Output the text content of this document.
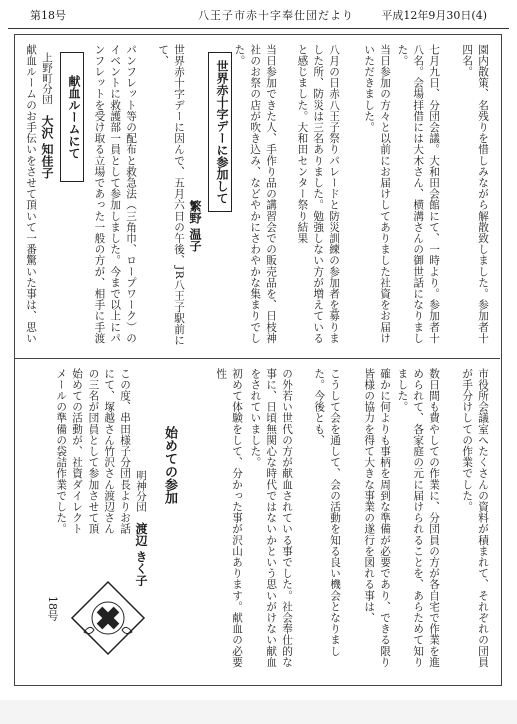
第18号	八王子市赤十字奉仕団だより 平成12年9月30日(4)
園内散策、名残りを惜しみながら解散致しました。参加者十四名。
七月九日、分団会議。大和田会館にて、一時より。参加者十八名。会場拝借には大木さん、横溝さんの御世話になりました。
当日参加の方々と以前にお届けしてありました社資をお届けいただきました。
八月の日赤八王子祭りパレードと防災訓練の参加者を募りました所、防災は三名ありました。勉強しない方が増えていると感じました。大和田センター祭り結果
当日参加できた人、手作り品の講習会での販売品を、日枝神社のお祭の店が吹き込み、などやかにさわやかな集まりでした。
世界赤十字デーに参加して
繁野 温子
世界赤十字デーに因んで、五月六日の午後、JR八王子駅前にて、
パンフレット等の配布と救急法（三角巾、ロープワーク）のイベントに救護部一員として参加しました。今まで以上にパンフレットを受け取る立場であった一般の方が、相手に手渡
献血ルームにて
上野町分団　大沢 知佳子
献血ルームのお手伝いをさせて頂いて一番驚いた事は、思い
市役所会議室へたくさんの資料が積まれて、それぞれの団員が手分けしての作業でした。
数日間も費やしての作業に、分団員の方が各自宅で作業を進められて、各家庭の元に届けられることを、あらためて知りました。
確かに何よりも事柄を周到な準備が必要であり、できる限り皆様の協力を得て大きな事業の遂行を図れる事は、
こうして会を通して、会の活動を知る良い機会となりました。今後とも、
の外若い世代の方が献血されている事でした。社会奉仕的な事に、日頃無関心な時代ではないかという思いがけない献血をされていました。
初めて体験をして、分かった事が沢山あります。献血の必要性
始めての参加
明神分団　渡辺 きく子
この度、串田様子分団長よりお話にて、塚越さん竹沢さん渡辺さんの三名が団員として参加させて頂
始めての活動が、社資ダイレクトメールの準備の袋詰作業でした。
18号
